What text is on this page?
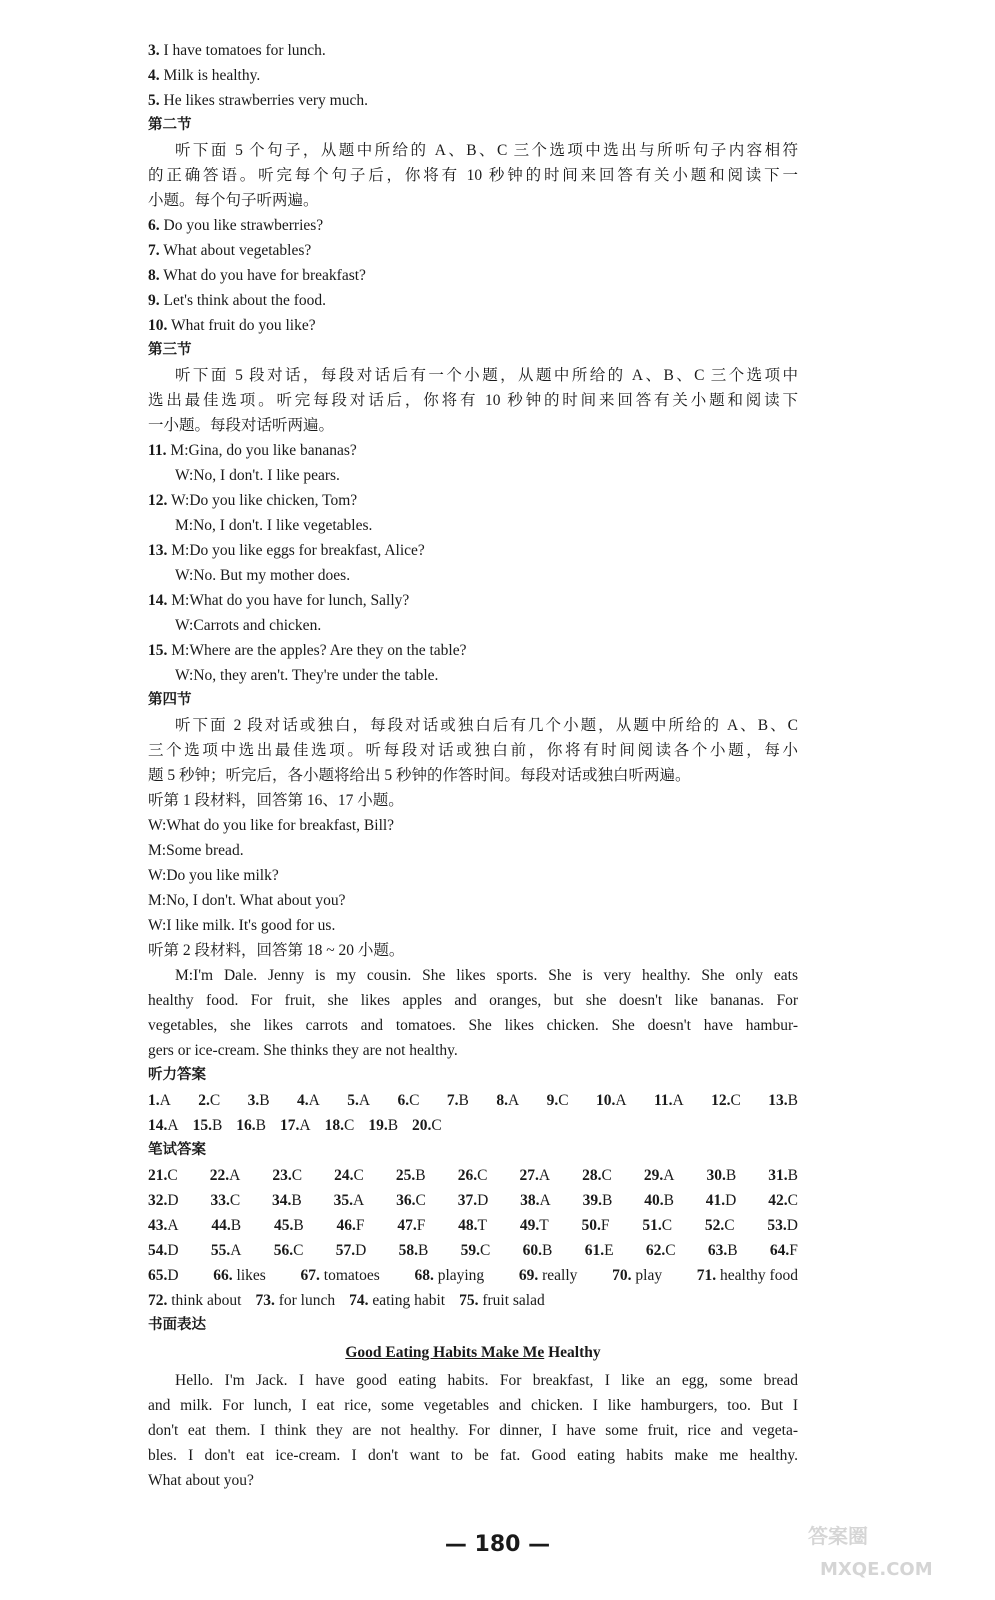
3. I have tomatoes for lunch.
4. Milk is healthy.
5. He likes strawberries very much.
第二节
听下面 5 个句子，从题中所给的 A、B、C 三个选项中选出与所听句子内容相符
的正确答语。听完每个句子后，你将有 10 秒钟的时间来回答有关小题和阅读下一
小题。每个句子听两遍。
6. Do you like strawberries?
7. What about vegetables?
8. What do you have for breakfast?
9. Let's think about the food.
10. What fruit do you like?
第三节
听下面 5 段对话，每段对话后有一个小题，从题中所给的 A、B、C 三个选项中
选出最佳选项。听完每段对话后，你将有 10 秒钟的时间来回答有关小题和阅读下
一小题。每段对话听两遍。
11. M:Gina, do you like bananas?
W:No, I don't. I like pears.
12. W:Do you like chicken, Tom?
M:No, I don't. I like vegetables.
13. M:Do you like eggs for breakfast, Alice?
W:No. But my mother does.
14. M:What do you have for lunch, Sally?
W:Carrots and chicken.
15. M:Where are the apples? Are they on the table?
W:No, they aren't. They're under the table.
第四节
听下面 2 段对话或独白，每段对话或独白后有几个小题，从题中所给的 A、B、C
三个选项中选出最佳选项。听每段对话或独白前，你将有时间阅读各个小题，每小
题 5 秒钟；听完后，各小题将给出 5 秒钟的作答时间。每段对话或独白听两遍。
听第 1 段材料，回答第 16、17 小题。
W:What do you like for breakfast, Bill?
M:Some bread.
W:Do you like milk?
M:No, I don't. What about you?
W:I like milk. It's good for us.
听第 2 段材料，回答第 18 ~ 20 小题。
M:I'm Dale. Jenny is my cousin. She likes sports. She is very healthy. She only eats
healthy food. For fruit, she likes apples and oranges, but she doesn't like bananas. For
vegetables, she likes carrots and tomatoes. She likes chicken. She doesn't have hambur-
gers or ice-cream. She thinks they are not healthy.
听力答案
1.A 2.C 3.B 4.A 5.A 6.C 7.B 8.A 9.C 10.A 11.A 12.C 13.B
14.A 15.B 16.B 17.A 18.C 19.B 20.C
笔试答案
21.C 22.A 23.C 24.C 25.B 26.C 27.A 28.C 29.A 30.B 31.B
32.D 33.C 34.B 35.A 36.C 37.D 38.A 39.B 40.B 41.D 42.C
43.A 44.B 45.B 46.F 47.F 48.T 49.T 50.F 51.C 52.C 53.D
54.D 55.A 56.C 57.D 58.B 59.C 60.B 61.E 62.C 63.B 64.F
65.D 66. likes 67. tomatoes 68. playing 69. really 70. play 71. healthy food
72. think about 73. for lunch 74. eating habit 75. fruit salad
书面表达
Good Eating Habits Make Me Healthy
Hello. I'm Jack. I have good eating habits. For breakfast, I like an egg, some bread
and milk. For lunch, I eat rice, some vegetables and chicken. I like hamburgers, too. But I
don't eat them. I think they are not healthy. For dinner, I have some fruit, rice and vegeta-
bles. I don't eat ice-cream. I don't want to be fat. Good eating habits make me healthy.
What about you?
— 180 —	答案圈
MXQE.COM
